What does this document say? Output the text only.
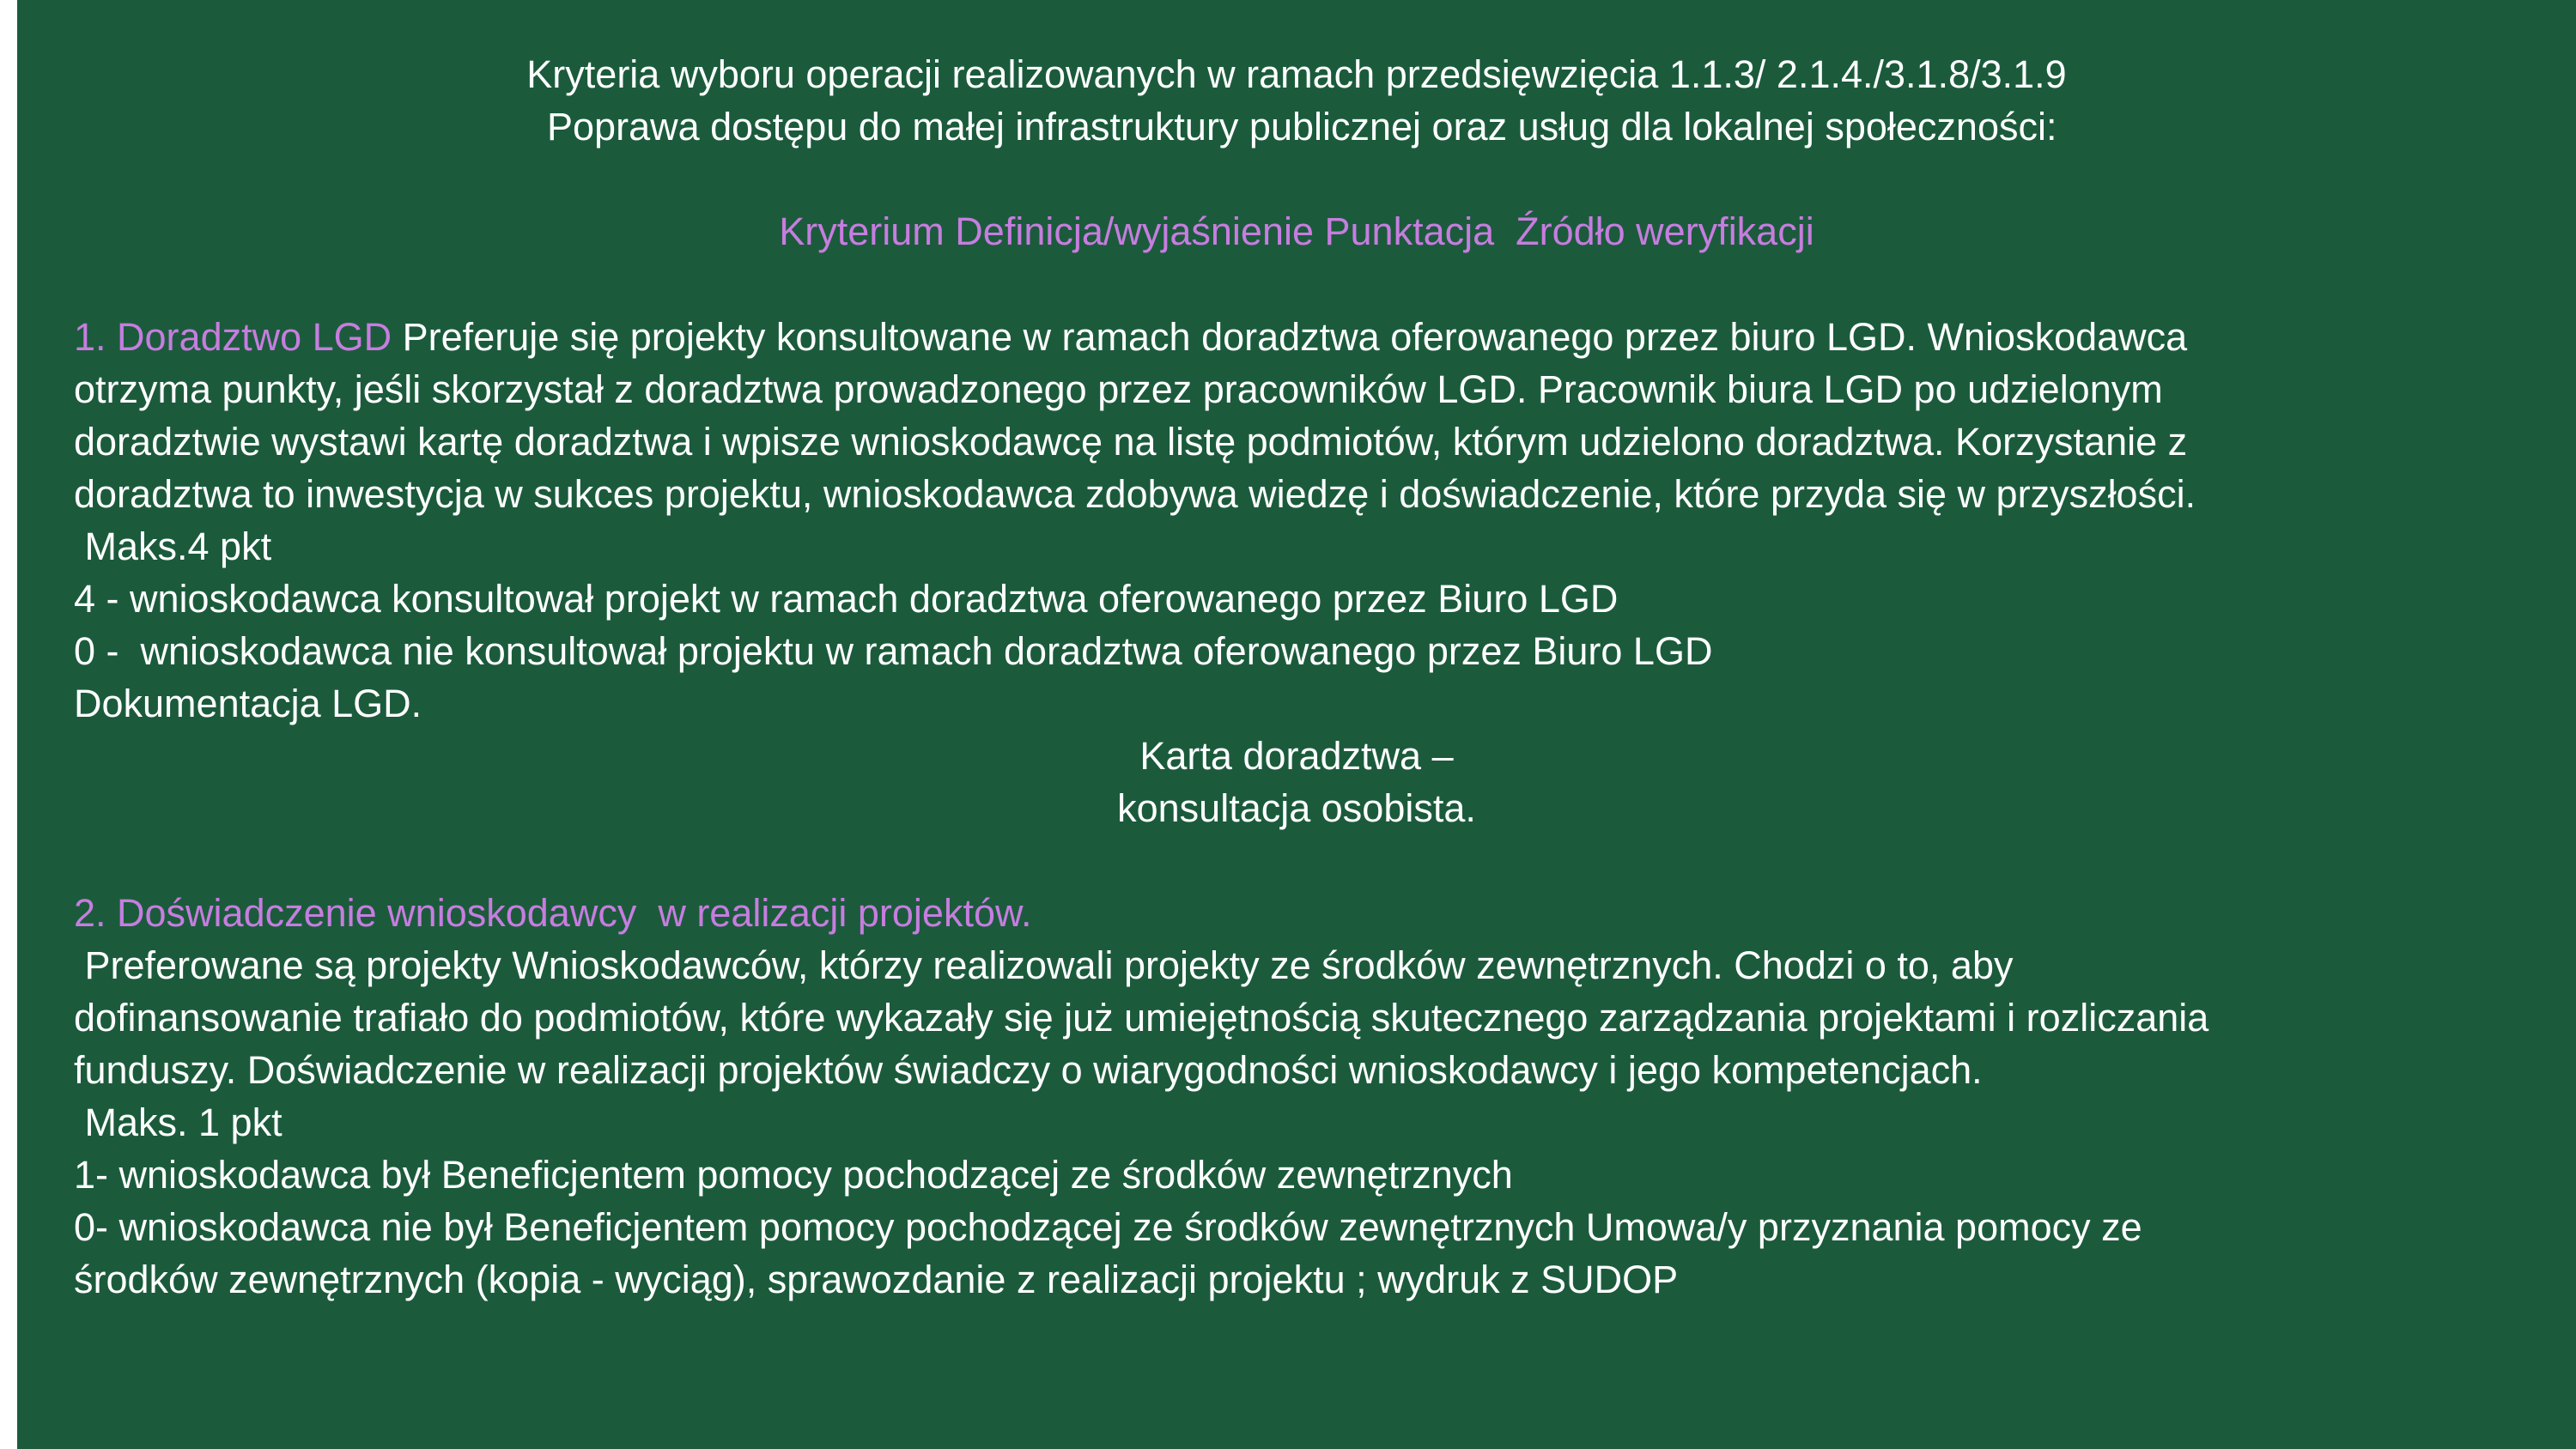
Kryteria wyboru operacji realizowanych w ramach przedsięwzięcia 1.1.3/ 2.1.4./3.1.8/3.1.9
Poprawa dostępu do małej infrastruktury publicznej oraz usług dla lokalnej społeczności:
Kryterium Definicja/wyjaśnienie Punktacja  Źródło weryfikacji
1. Doradztwo LGD Preferuje się projekty konsultowane w ramach doradztwa oferowanego przez biuro LGD. Wnioskodawca
otrzyma punkty, jeśli skorzystał z doradztwa prowadzonego przez pracowników LGD. Pracownik biura LGD po udzielonym
doradztwie wystawi kartę doradztwa i wpisze wnioskodawcę na listę podmiotów, którym udzielono doradztwa. Korzystanie z
doradztwa to inwestycja w sukces projektu, wnioskodawca zdobywa wiedzę i doświadczenie, które przyda się w przyszłości.
Maks.4 pkt
4 - wnioskodawca konsultował projekt w ramach doradztwa oferowanego przez Biuro LGD
0 -  wnioskodawca nie konsultował projektu w ramach doradztwa oferowanego przez Biuro LGD
Dokumentacja LGD.
Karta doradztwa –
konsultacja osobista.
2. Doświadczenie wnioskodawcy  w realizacji projektów.
Preferowane są projekty Wnioskodawców, którzy realizowali projekty ze środków zewnętrznych. Chodzi o to, aby
dofinansowanie trafiało do podmiotów, które wykazały się już umiejętnością skutecznego zarządzania projektami i rozliczania
funduszy. Doświadczenie w realizacji projektów świadczy o wiarygodności wnioskodawcy i jego kompetencjach.
Maks. 1 pkt
1- wnioskodawca był Beneficjentem pomocy pochodzącej ze środków zewnętrznych
0- wnioskodawca nie był Beneficjentem pomocy pochodzącej ze środków zewnętrznych Umowa/y przyznania pomocy ze
środków zewnętrznych (kopia - wyciąg), sprawozdanie z realizacji projektu ; wydruk z SUDOP
